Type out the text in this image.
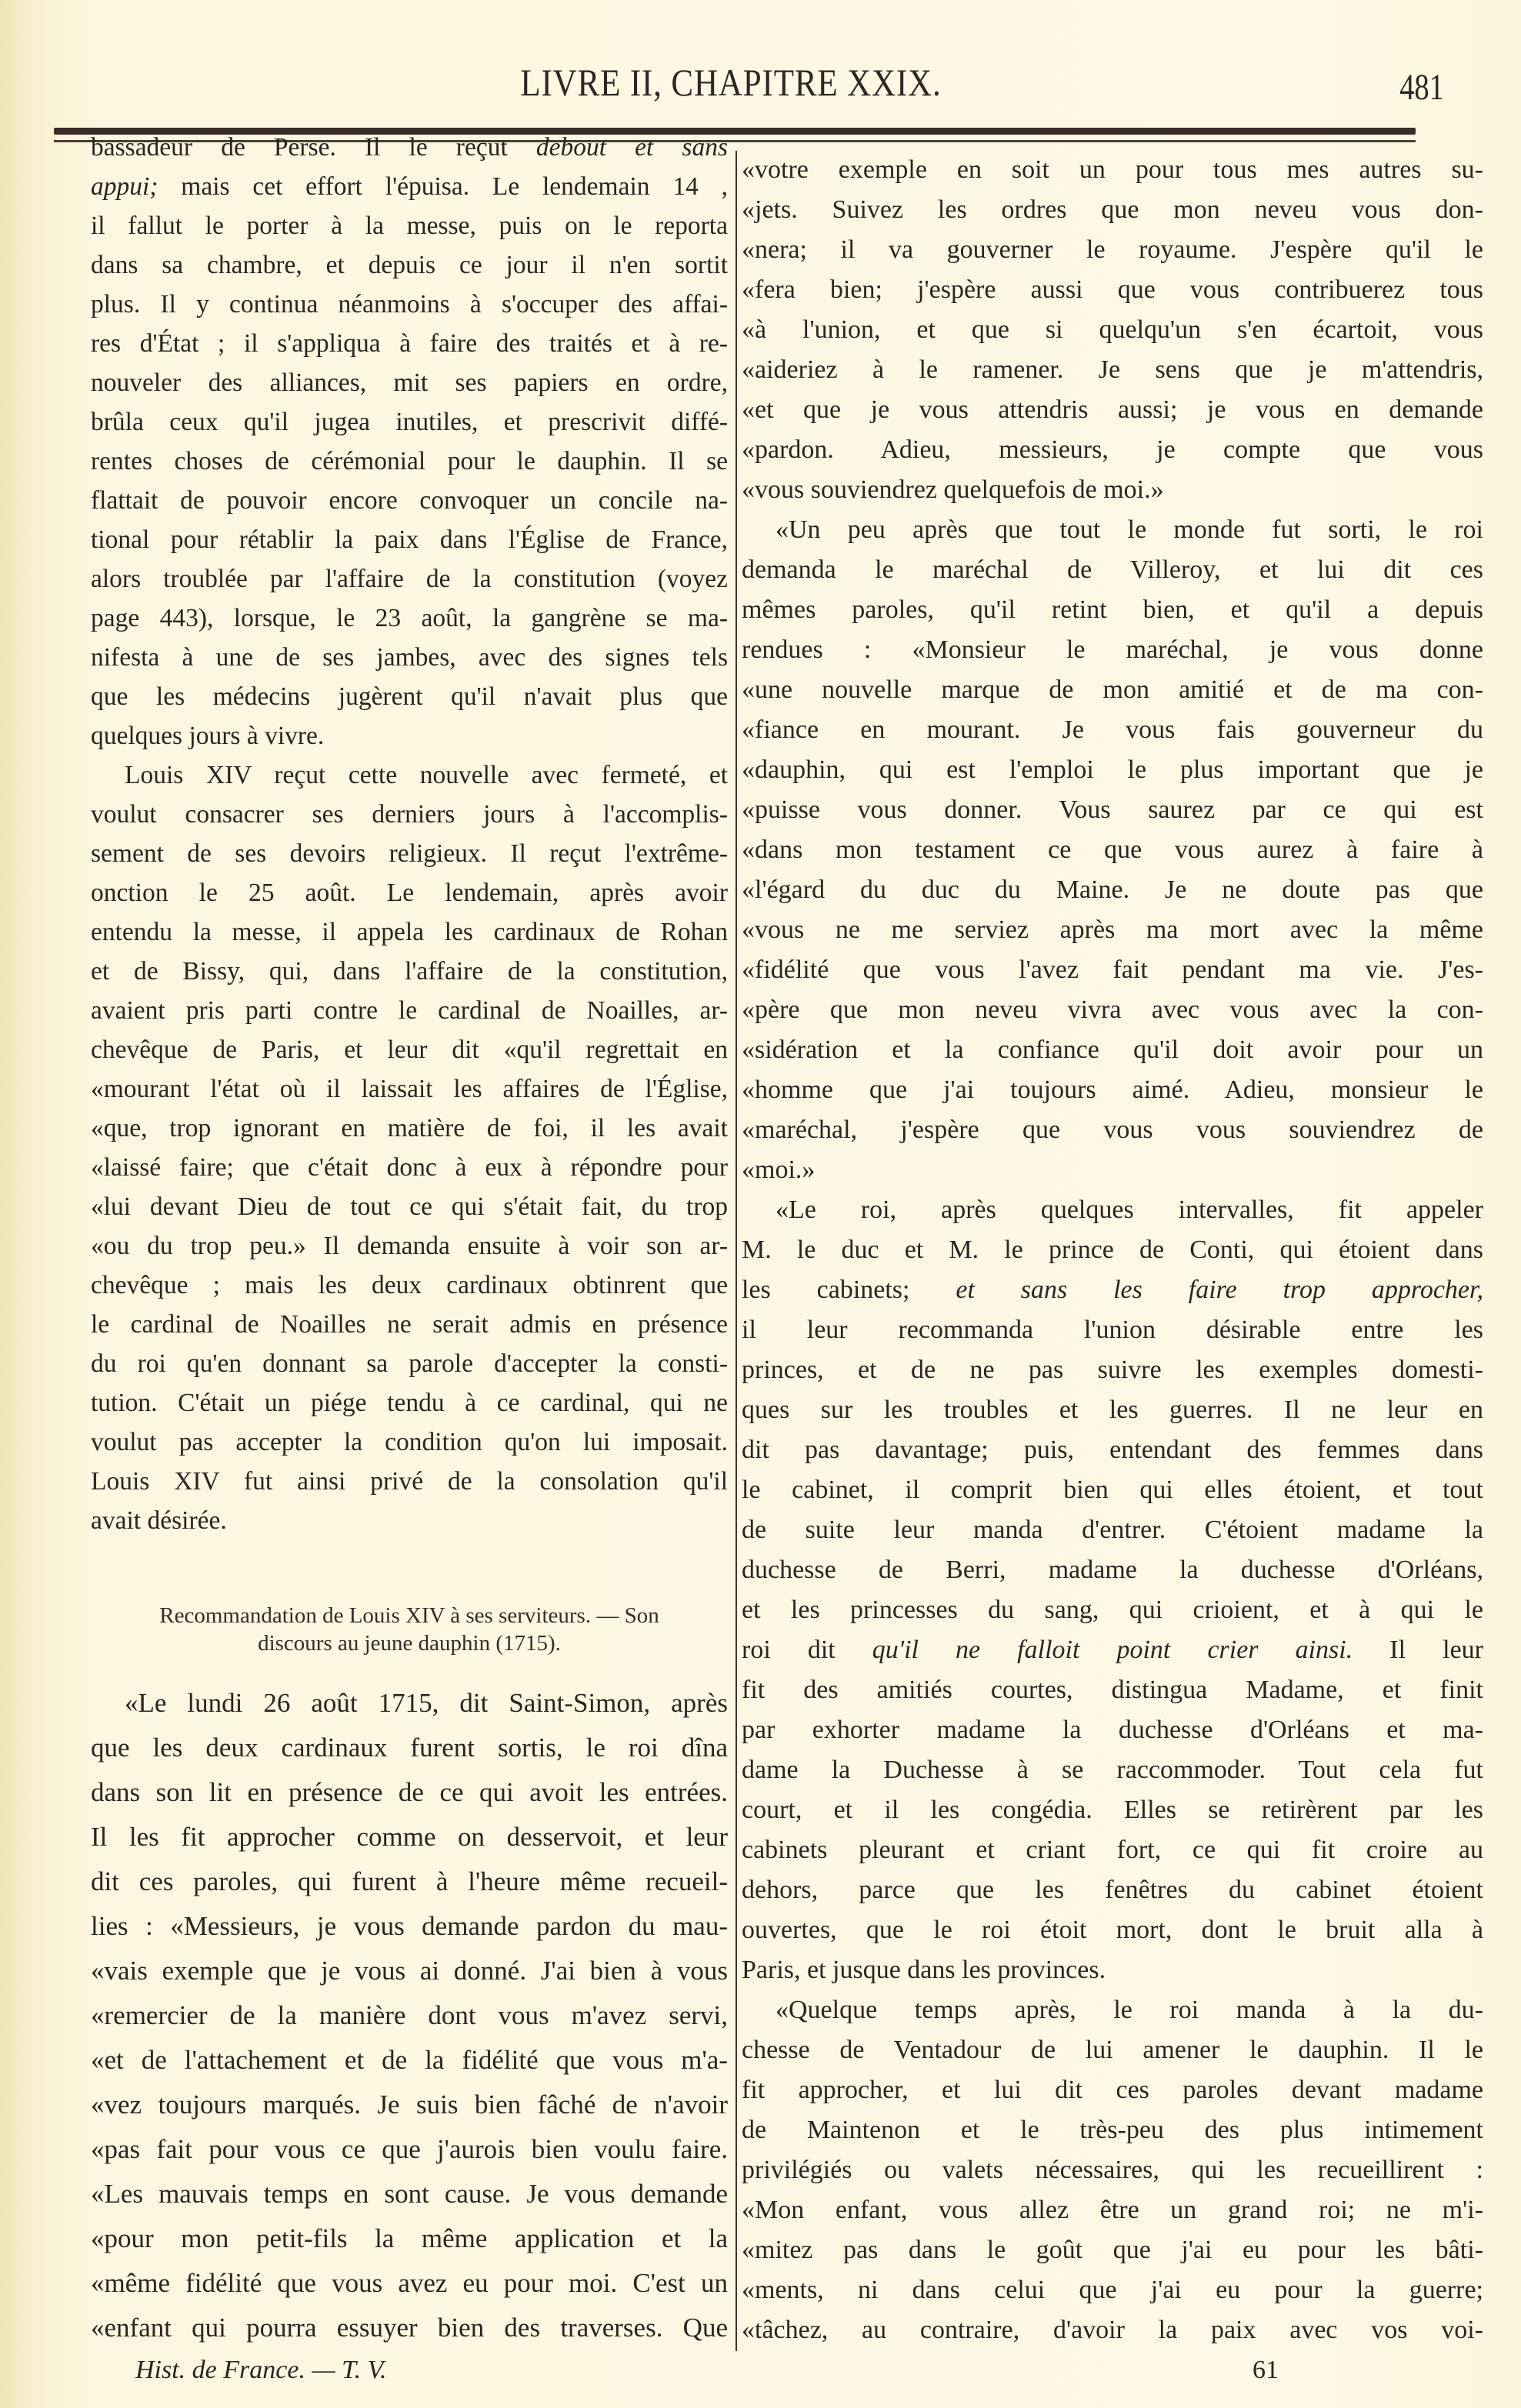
LIVRE II, CHAPITRE XXIX.	481
bassadeur de Perse. Il le reçut debout et sans
appui; mais cet effort l'épuisa. Le lendemain 14 ,
il fallut le porter à la messe, puis on le reporta
dans sa chambre, et depuis ce jour il n'en sortit
plus. Il y continua néanmoins à s'occuper des affai-
res d'État ; il s'appliqua à faire des traités et à re-
nouveler des alliances, mit ses papiers en ordre,
brûla ceux qu'il jugea inutiles, et prescrivit diffé-
rentes choses de cérémonial pour le dauphin. Il se
flattait de pouvoir encore convoquer un concile na-
tional pour rétablir la paix dans l'Église de France,
alors troublée par l'affaire de la constitution (voyez
page 443), lorsque, le 23 août, la gangrène se ma-
nifesta à une de ses jambes, avec des signes tels
que les médecins jugèrent qu'il n'avait plus que
quelques jours à vivre.
Louis XIV reçut cette nouvelle avec fermeté, et
voulut consacrer ses derniers jours à l'accomplis-
sement de ses devoirs religieux. Il reçut l'extrême-
onction le 25 août. Le lendemain, après avoir
entendu la messe, il appela les cardinaux de Rohan
et de Bissy, qui, dans l'affaire de la constitution,
avaient pris parti contre le cardinal de Noailles, ar-
chevêque de Paris, et leur dit «qu'il regrettait en
«mourant l'état où il laissait les affaires de l'Église,
«que, trop ignorant en matière de foi, il les avait
«laissé faire; que c'était donc à eux à répondre pour
«lui devant Dieu de tout ce qui s'était fait, du trop
«ou du trop peu.» Il demanda ensuite à voir son ar-
chevêque ; mais les deux cardinaux obtinrent que
le cardinal de Noailles ne serait admis en présence
du roi qu'en donnant sa parole d'accepter la consti-
tution. C'était un piége tendu à ce cardinal, qui ne
voulut pas accepter la condition qu'on lui imposait.
Louis XIV fut ainsi privé de la consolation qu'il
avait désirée.
Recommandation de Louis XIV à ses serviteurs. — Son
discours au jeune dauphin (1715).
«Le lundi 26 août 1715, dit Saint-Simon, après
que les deux cardinaux furent sortis, le roi dîna
dans son lit en présence de ce qui avoit les entrées.
Il les fit approcher comme on desservoit, et leur
dit ces paroles, qui furent à l'heure même recueil-
lies : «Messieurs, je vous demande pardon du mau-
«vais exemple que je vous ai donné. J'ai bien à vous
«remercier de la manière dont vous m'avez servi,
«et de l'attachement et de la fidélité que vous m'a-
«vez toujours marqués. Je suis bien fâché de n'avoir
«pas fait pour vous ce que j'aurois bien voulu faire.
«Les mauvais temps en sont cause. Je vous demande
«pour mon petit-fils la même application et la
«même fidélité que vous avez eu pour moi. C'est un
«enfant qui pourra essuyer bien des traverses. Que
«votre exemple en soit un pour tous mes autres su-
«jets. Suivez les ordres que mon neveu vous don-
«nera; il va gouverner le royaume. J'espère qu'il le
«fera bien; j'espère aussi que vous contribuerez tous
«à l'union, et que si quelqu'un s'en écartoit, vous
«aideriez à le ramener. Je sens que je m'attendris,
«et que je vous attendris aussi; je vous en demande
«pardon. Adieu, messieurs, je compte que vous
«vous souviendrez quelquefois de moi.»
«Un peu après que tout le monde fut sorti, le roi
demanda le maréchal de Villeroy, et lui dit ces
mêmes paroles, qu'il retint bien, et qu'il a depuis
rendues : «Monsieur le maréchal, je vous donne
«une nouvelle marque de mon amitié et de ma con-
«fiance en mourant. Je vous fais gouverneur du
«dauphin, qui est l'emploi le plus important que je
«puisse vous donner. Vous saurez par ce qui est
«dans mon testament ce que vous aurez à faire à
«l'égard du duc du Maine. Je ne doute pas que
«vous ne me serviez après ma mort avec la même
«fidélité que vous l'avez fait pendant ma vie. J'es-
«père que mon neveu vivra avec vous avec la con-
«sidération et la confiance qu'il doit avoir pour un
«homme que j'ai toujours aimé. Adieu, monsieur le
«maréchal, j'espère que vous vous souviendrez de
«moi.»
«Le roi, après quelques intervalles, fit appeler
M. le duc et M. le prince de Conti, qui étoient dans
les cabinets; et sans les faire trop approcher,
il leur recommanda l'union désirable entre les
princes, et de ne pas suivre les exemples domesti-
ques sur les troubles et les guerres. Il ne leur en
dit pas davantage; puis, entendant des femmes dans
le cabinet, il comprit bien qui elles étoient, et tout
de suite leur manda d'entrer. C'étoient madame la
duchesse de Berri, madame la duchesse d'Orléans,
et les princesses du sang, qui crioient, et à qui le
roi dit qu'il ne falloit point crier ainsi. Il leur
fit des amitiés courtes, distingua Madame, et finit
par exhorter madame la duchesse d'Orléans et ma-
dame la Duchesse à se raccommoder. Tout cela fut
court, et il les congédia. Elles se retirèrent par les
cabinets pleurant et criant fort, ce qui fit croire au
dehors, parce que les fenêtres du cabinet étoient
ouvertes, que le roi étoit mort, dont le bruit alla à
Paris, et jusque dans les provinces.
«Quelque temps après, le roi manda à la du-
chesse de Ventadour de lui amener le dauphin. Il le
fit approcher, et lui dit ces paroles devant madame
de Maintenon et le très-peu des plus intimement
privilégiés ou valets nécessaires, qui les recueillirent :
«Mon enfant, vous allez être un grand roi; ne m'i-
«mitez pas dans le goût que j'ai eu pour les bâti-
«ments, ni dans celui que j'ai eu pour la guerre;
«tâchez, au contraire, d'avoir la paix avec vos voi-
Hist. de France. — T. V.	61
